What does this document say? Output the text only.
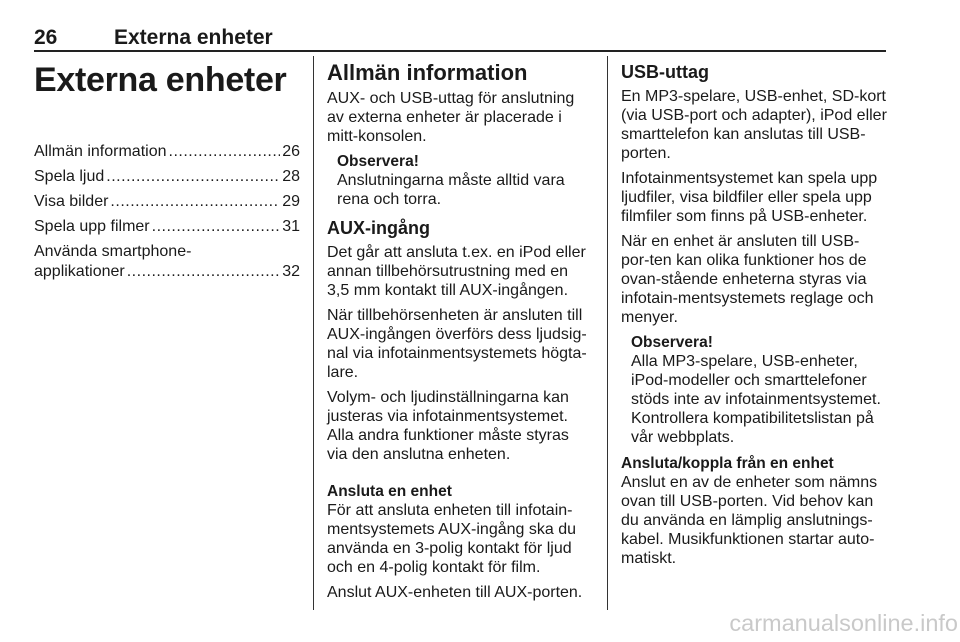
26	Externa enheter
Externa enheter
Allmän information .....	26
Spela ljud .....	28
Visa bilder .....	29
Spela upp filmer .....	31
Använda smartphone-
applikationer .....	32
Allmän information

AUX- och USB-uttag för anslutning av externa enheter är placerade i mitt-konsolen.

Observera!
Anslutningarna måste alltid vara rena och torra.
AUX-ingång

Det går att ansluta t.ex. en iPod eller annan tillbehörsutrustning med en 3,5 mm kontakt till AUX-ingången.

När tillbehörsenheten är ansluten till AUX-ingången överförs dess ljudsig-nal via infotainmentsystemets högta-lare.

Volym- och ljudinställningarna kan justeras via infotainmentsystemet. Alla andra funktioner måste styras via den anslutna enheten.

Ansluta en enhet

För att ansluta enheten till infotain-mentsystemets AUX-ingång ska du använda en 3-polig kontakt för ljud och en 4-polig kontakt för film.

Anslut AUX-enheten till AUX-porten.

USB-uttag

En MP3-spelare, USB-enhet, SD-kort (via USB-port och adapter), iPod eller smarttelefon kan anslutas till USB-porten.

Infotainmentsystemet kan spela upp ljudfiler, visa bildfiler eller spela upp filmfiler som finns på USB-enheter.

När en enhet är ansluten till USB-por-ten kan olika funktioner hos de ovan-stående enheterna styras via infotain-mentsystemets reglage och menyer.

Observera!
Alla MP3-spelare, USB-enheter, iPod-modeller och smarttelefoner stöds inte av infotainmentsystemet. Kontrollera kompatibilitetslistan på vår webbplats.
Ansluta/koppla från en enhet

Anslut en av de enheter som nämns ovan till USB-porten. Vid behov kan du använda en lämplig anslutnings-kabel. Musikfunktionen startar auto-matiskt.

carmanualsonline.info
